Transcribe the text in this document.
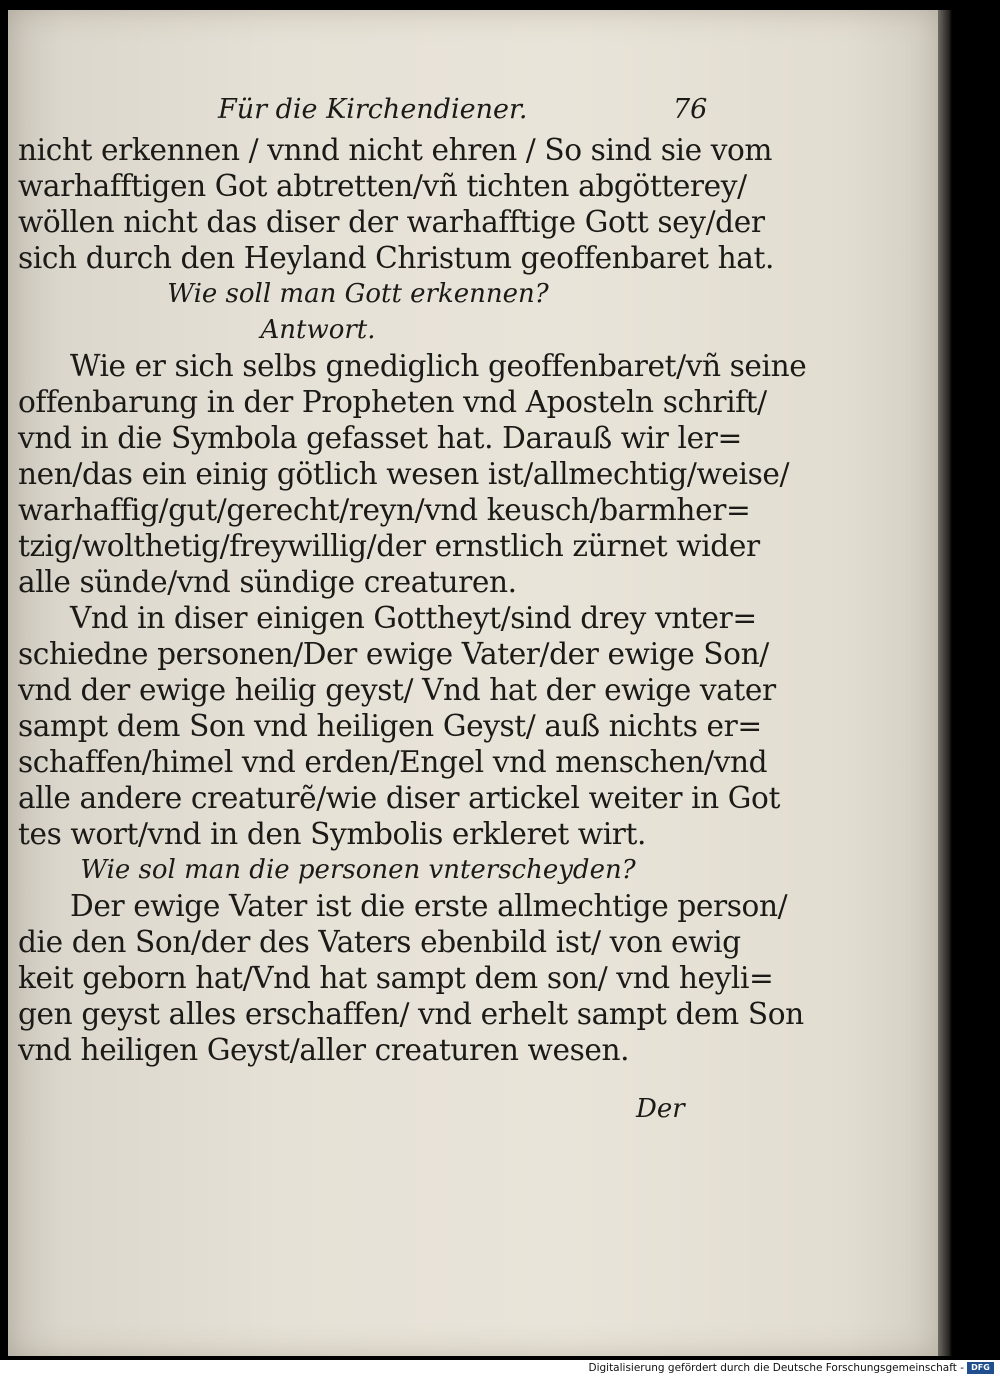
Für die Kirchendiener.	76
nicht erkennen / vnnd nicht ehren / So sind sie vom
warhafftigen Got abtretten/vñ tichten abgötterey/
wöllen nicht das diser der warhafftige Gott sey/der
sich durch den Heyland Christum geoffenbaret hat.
Wie soll man Gott erkennen?
Antwort.
Wie er sich selbs gnediglich geoffenbaret/vñ seine
offenbarung in der Propheten vnd Aposteln schrift/
vnd in die Symbola gefasset hat. Darauß wir ler=
nen/das ein einig götlich wesen ist/allmechtig/weise/
warhaffig/gut/gerecht/reyn/vnd keusch/barmher=
tzig/wolthetig/freywillig/der ernstlich zürnet wider
alle sünde/vnd sündige creaturen.
Vnd in diser einigen Gottheyt/sind drey vnter=
schiedne personen/Der ewige Vater/der ewige Son/
vnd der ewige heilig geyst/ Vnd hat der ewige vater
sampt dem Son vnd heiligen Geyst/ auß nichts er=
schaffen/himel vnd erden/Engel vnd menschen/vnd
alle andere creaturẽ/wie diser artickel weiter in Got
tes wort/vnd in den Symbolis erkleret wirt.
Wie sol man die personen vnterscheyden?
Der ewige Vater ist die erste allmechtige person/
die den Son/der des Vaters ebenbild ist/ von ewig
keit geborn hat/Vnd hat sampt dem son/ vnd heyli=
gen geyst alles erschaffen/ vnd erhelt sampt dem Son
vnd heiligen Geyst/aller creaturen wesen.
Der
Digitalisierung gefördert durch die Deutsche Forschungsgemeinschaft - DFG
